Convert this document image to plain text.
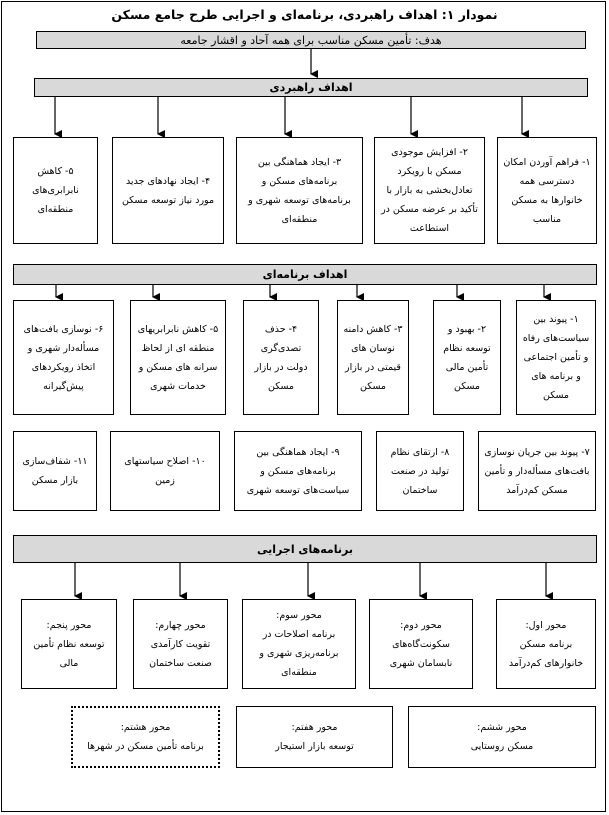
نمودار ۱: اهداف راهبردی، برنامه‌ای و اجرایی طرح جامع مسکن
هدف: تأمین مسکن مناسب برای همه آحاد و اقشار جامعه
اهداف راهبردی
۱- فراهم آوردن امکان دسترسی همه خانوارها به مسکن مناسب
۲- افزایش موجودی مسکن با رویکرد تعادل‌بخشی به بازار با تأکید بر عرضه مسکن در استطاعت
۳- ایجاد هماهنگی بین برنامه‌های مسکن و برنامه‌های توسعه شهری و منطقه‌ای
۴- ایجاد نهادهای جدید مورد نیاز توسعه مسکن
۵- کاهش نابرابری‌های منطقه‌ای
اهداف برنامه‌ای
۱- پیوند بین سیاست‌های رفاه و تأمین اجتماعی و برنامه های مسکن
۲- بهبود و توسعه نظام تأمین مالی مسکن
۳- کاهش دامنه نوسان های قیمتی در بازار مسکن
۴- حذف تصدی‌گری دولت در بازار مسکن
۵- کاهش نابرابریهای منطقه ای از لحاظ سرانه های مسکن و خدمات شهری
۶- نوسازی بافت‌های مسأله‌دار شهری و اتخاذ رویکردهای پیش‌گیرانه
۷- پیوند بین جریان نوسازی بافت‌های مسأله‌دار و تأمین مسکن کم‌درآمد
۸- ارتقای نظام تولید در صنعت ساختمان
۹- ایجاد هماهنگی بین برنامه‌های مسکن و سیاست‌های توسعه شهری
۱۰- اصلاح سیاستهای زمین
۱۱- شفاف‌سازی بازار مسکن
برنامه‌های اجرایی
محور اول:
برنامه مسکن خانوارهای کم‌درآمد
محور دوم:
سکونت‌گاه‌های نابسامان شهری
محور سوم:
برنامه اصلاحات در برنامه‌ریزی شهری و منطقه‌ای
محور چهارم:
تقویت کارآمدی صنعت ساختمان
محور پنجم:
توسعه نظام تأمین مالی
محور ششم:
مسکن روستایی
محور هفتم:
توسعه بازار استیجار
محور هشتم:
برنامه تأمین مسکن در شهرها
